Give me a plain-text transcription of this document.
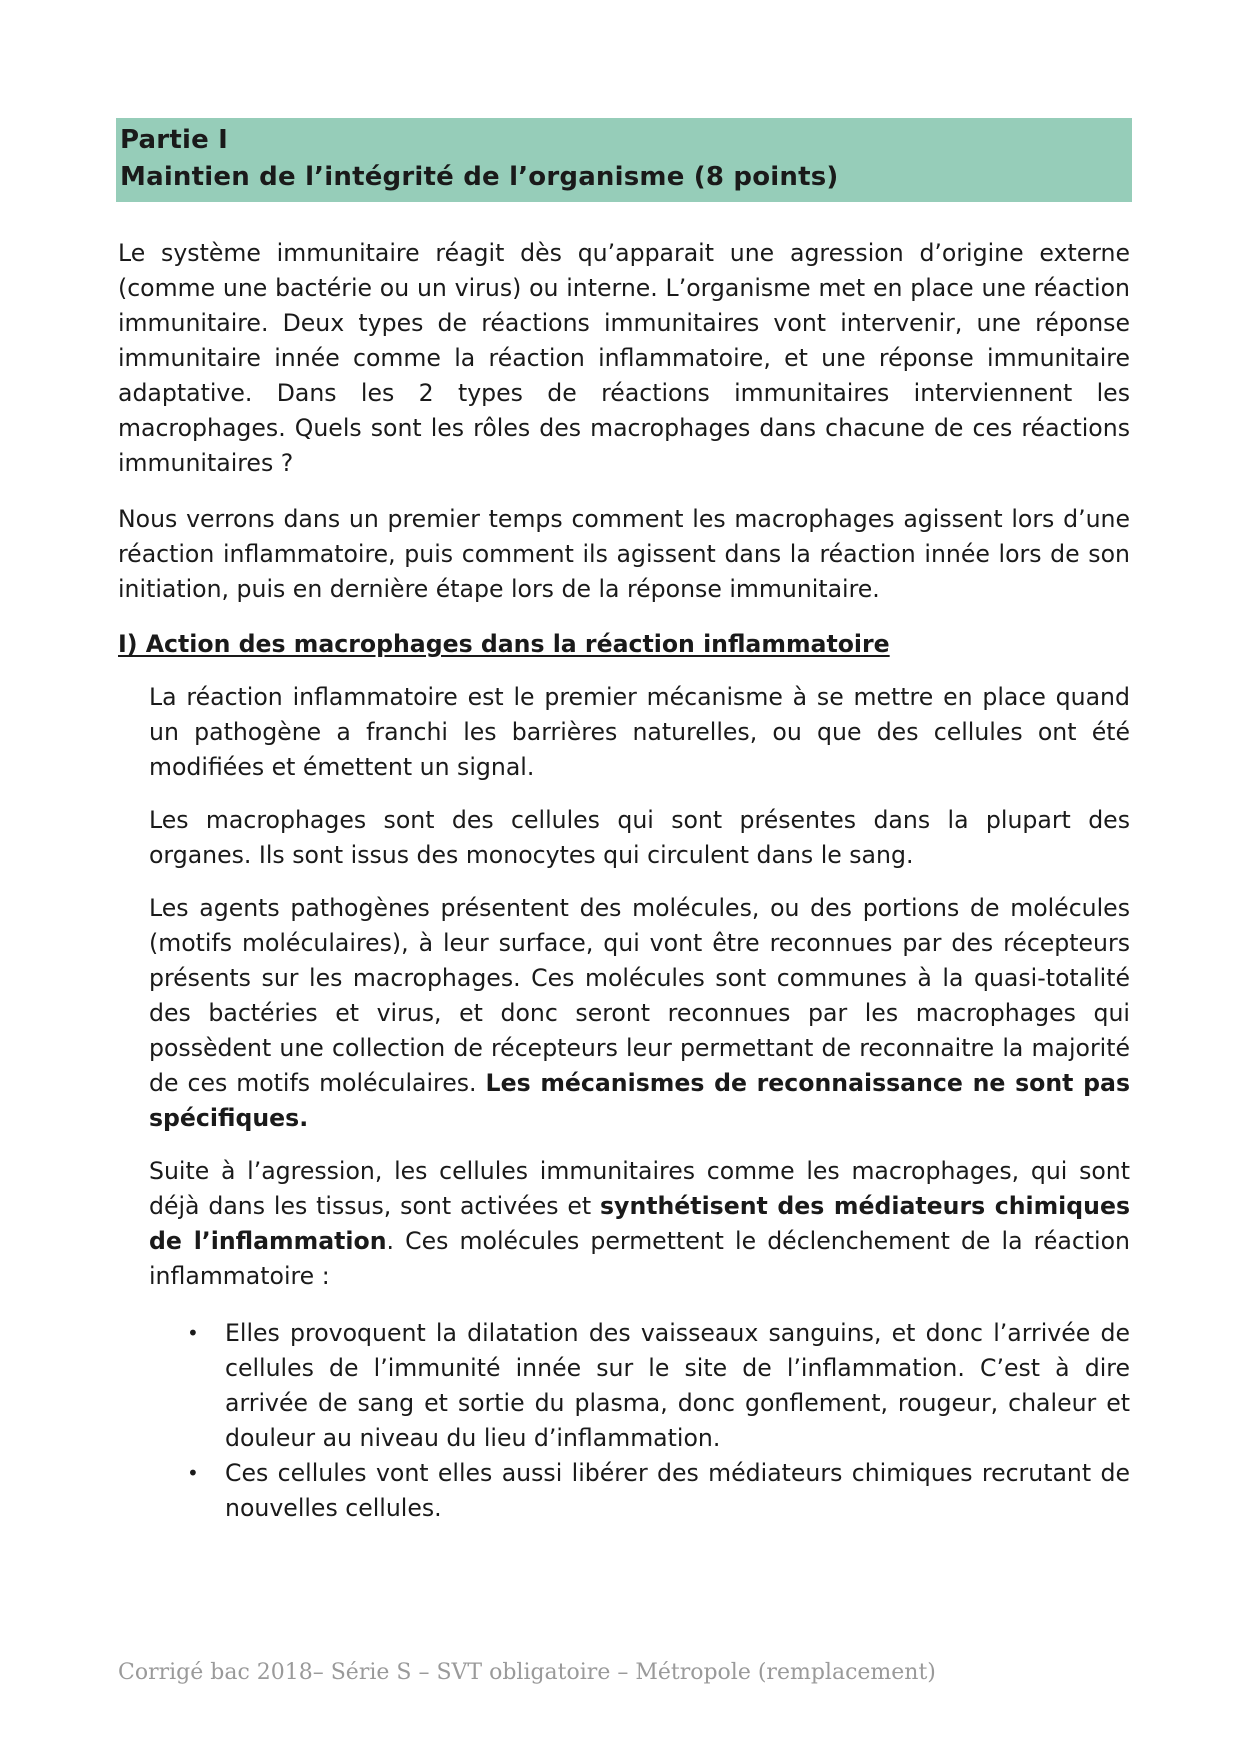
Partie I
Maintien de l’intégrité de l’organisme (8 points)

Le système immunitaire réagit dès qu’apparait une agression d’origine externe (comme une bactérie ou un virus) ou interne. L’organisme met en place une réaction immunitaire. Deux types de réactions immunitaires vont intervenir, une réponse immunitaire innée comme la réaction inflammatoire, et une réponse immunitaire adaptative. Dans les 2 types de réactions immunitaires interviennent les macrophages. Quels sont les rôles des macrophages dans chacune de ces réactions immunitaires ?

Nous verrons dans un premier temps comment les macrophages agissent lors d’une réaction inflammatoire, puis comment ils agissent dans la réaction innée lors de son initiation, puis en dernière étape lors de la réponse immunitaire.

I) Action des macrophages dans la réaction inflammatoire

La réaction inflammatoire est le premier mécanisme à se mettre en place quand un pathogène a franchi les barrières naturelles, ou que des cellules ont été modifiées et émettent un signal.

Les macrophages sont des cellules qui sont présentes dans la plupart des organes. Ils sont issus des monocytes qui circulent dans le sang.

Les agents pathogènes présentent des molécules, ou des portions de molécules (motifs moléculaires), à leur surface, qui vont être reconnues par des récepteurs présents sur les macrophages. Ces molécules sont communes à la quasi-totalité des bactéries et virus, et donc seront reconnues par les macrophages qui possèdent une collection de récepteurs leur permettant de reconnaitre la majorité de ces motifs moléculaires. Les mécanismes de reconnaissance ne sont pas spécifiques.

Suite à l’agression, les cellules immunitaires comme les macrophages, qui sont déjà dans les tissus, sont activées et synthétisent des médiateurs chimiques de l’inflammation. Ces molécules permettent le déclenchement de la réaction inflammatoire :

• Elles provoquent la dilatation des vaisseaux sanguins, et donc l’arrivée de cellules de l’immunité innée sur le site de l’inflammation. C’est à dire arrivée de sang et sortie du plasma, donc gonflement, rougeur, chaleur et douleur au niveau du lieu d’inflammation.
• Ces cellules vont elles aussi libérer des médiateurs chimiques recrutant de nouvelles cellules.
Corrigé bac 2018– Série S – SVT obligatoire – Métropole (remplacement)
